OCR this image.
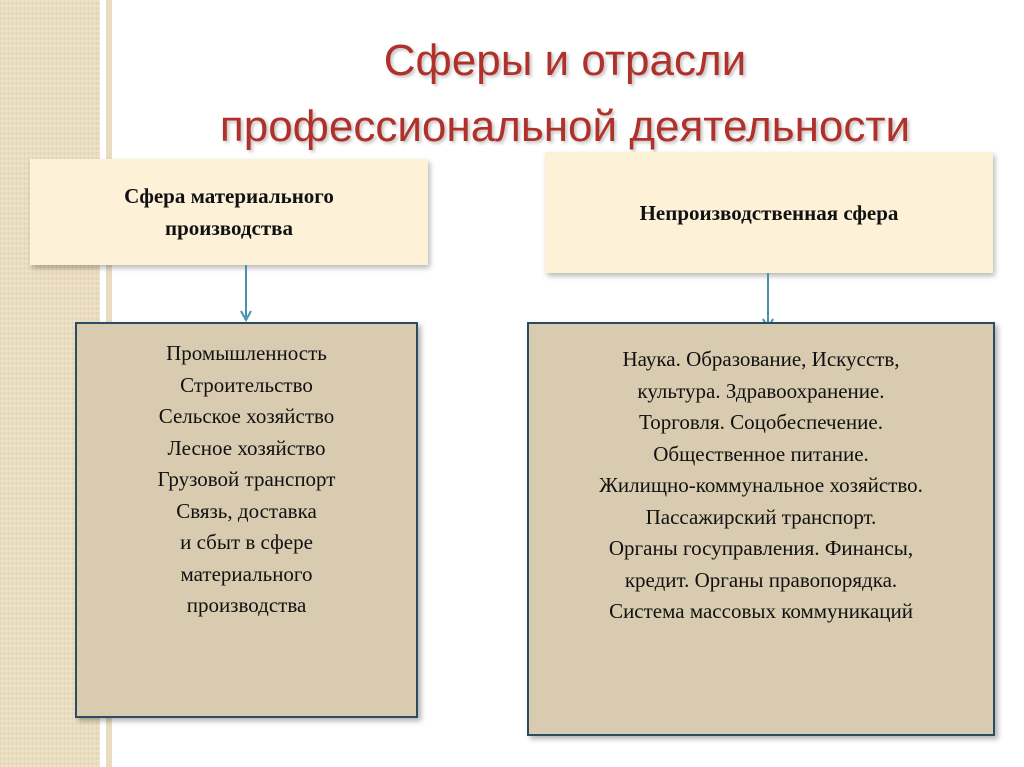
Сферы и отрасли
профессиональной деятельности
Сфера материального
производства
Непроизводственная сфера
Промышленность
Строительство
Сельское хозяйство
Лесное хозяйство
Грузовой транспорт
Связь, доставка
и сбыт в сфере
материального
производства
Наука. Образование, Искусств,
культура. Здравоохранение.
Торговля. Соцобеспечение.
Общественное питание.
Жилищно-коммунальное хозяйство.
Пассажирский транспорт.
Органы госуправления. Финансы,
кредит. Органы правопорядка.
Система массовых коммуникаций
